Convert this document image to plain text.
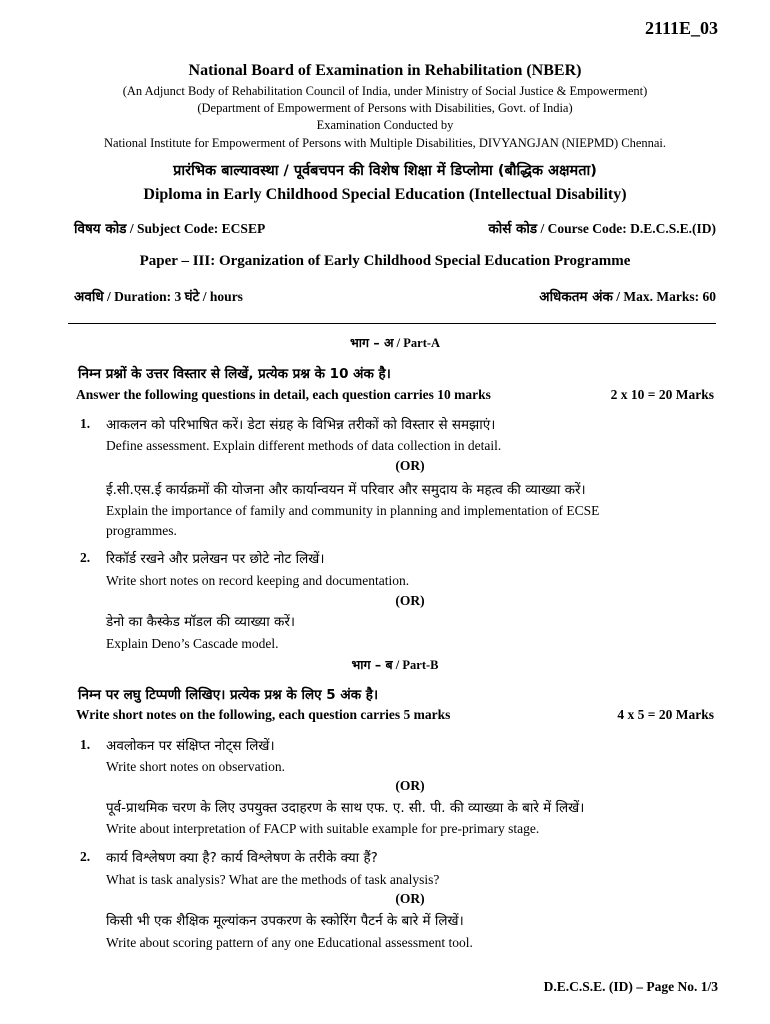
2111E_03
National Board of Examination in Rehabilitation (NBER)
(An Adjunct Body of Rehabilitation Council of India, under Ministry of Social Justice & Empowerment)
(Department of Empowerment of Persons with Disabilities, Govt. of India)
Examination Conducted by
National Institute for Empowerment of Persons with Multiple Disabilities, DIVYANGJAN (NIEPMD) Chennai.
प्रारंभिक बाल्यावस्था / पूर्वबचपन की विशेष शिक्षा में डिप्लोमा (बौद्धिक अक्षमता)
Diploma in Early Childhood Special Education (Intellectual Disability)
विषय कोड / Subject Code: ECSEP	कोर्स कोड / Course Code: D.E.C.S.E.(ID)
Paper – III: Organization of Early Childhood Special Education Programme
अवधि / Duration: 3 घंटे / hours	अधिकतम अंक / Max. Marks: 60
भाग – अ / Part-A
निम्न प्रश्नों के उत्तर विस्तार से लिखें, प्रत्येक प्रश्न के 10 अंक है।
Answer the following questions in detail, each question carries 10 marks	2 x 10 = 20 Marks
1. आकलन को परिभाषित करें। डेटा संग्रह के विभिन्न तरीकों को विस्तार से समझाएं।
Define assessment. Explain different methods of data collection in detail.
(OR)
ई.सी.एस.ई कार्यक्रमों की योजना और कार्यान्वयन में परिवार और समुदाय के महत्व की व्याख्या करें।
Explain the importance of family and community in planning and implementation of ECSE
programmes.
2. रिकॉर्ड रखने और प्रलेखन पर छोटे नोट लिखें।
Write short notes on record keeping and documentation.
(OR)
डेनो का कैस्केड मॉडल की व्याख्या करें।
Explain Deno’s Cascade model.
भाग – ब / Part-B
निम्न पर लघु टिप्पणी लिखिए। प्रत्येक प्रश्न के लिए 5 अंक है।
Write short notes on the following, each question carries 5 marks	4 x 5 = 20 Marks
1. अवलोकन पर संक्षिप्त नोट्स लिखें।
Write short notes on observation.
(OR)
पूर्व-प्राथमिक चरण के लिए उपयुक्त उदाहरण के साथ एफ. ए. सी. पी. की व्याख्या के बारे में लिखें।
Write about interpretation of FACP with suitable example for pre-primary stage.
2. कार्य विश्लेषण क्या है? कार्य विश्लेषण के तरीके क्या हैं?
What is task analysis? What are the methods of task analysis?
(OR)
किसी भी एक शैक्षिक मूल्यांकन उपकरण के स्कोरिंग पैटर्न के बारे में लिखें।
Write about scoring pattern of any one Educational assessment tool.
D.E.C.S.E. (ID) – Page No. 1/3
